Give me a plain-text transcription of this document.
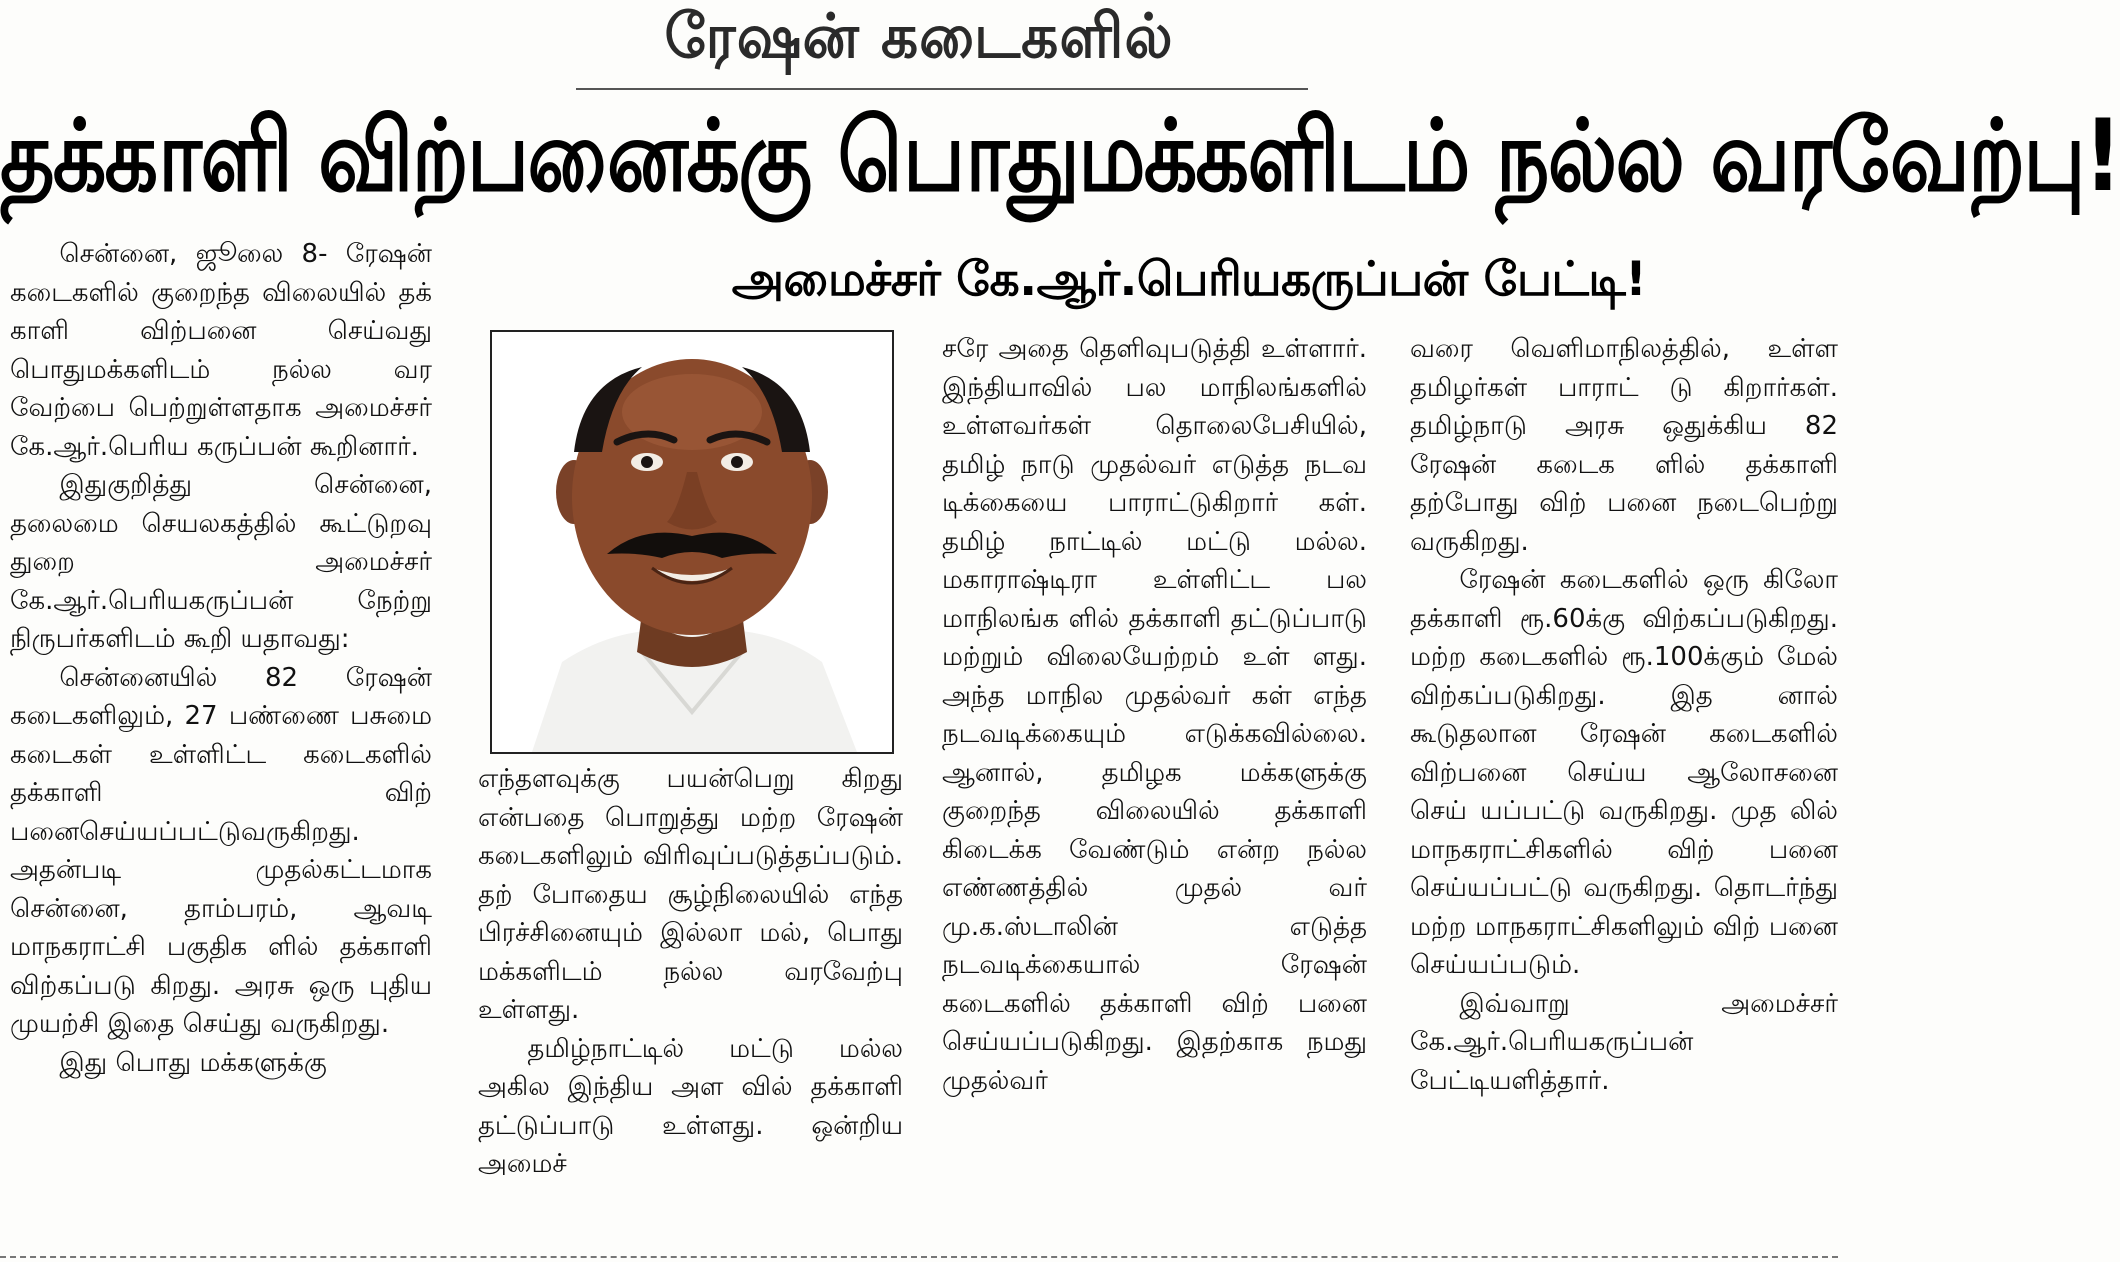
ரேஷன் கடைகளில்
தக்காளி விற்பனைக்கு பொதுமக்களிடம் நல்ல வரவேற்பு!
அமைச்சர் கே.ஆர்.பெரியகருப்பன் பேட்டி!

சென்னை, ஜூலை 8- ரேஷன் கடைகளில் குறைந்த விலையில் தக் காளி விற்பனை செய்வது பொதுமக்களிடம் நல்ல வர வேற்பை பெற்றுள்ளதாக அமைச்சர் கே.ஆர்.பெரிய கருப்பன் கூறினார்.

இதுகுறித்து சென்னை, தலைமை செயலகத்தில் கூட்டுறவு துறை அமைச்சர் கே.ஆர்.பெரியகருப்பன் நேற்று நிருபர்களிடம் கூறி யதாவது:

சென்னையில் 82 ரேஷன் கடைகளிலும், 27 பண்ணை பசுமை கடைகள் உள்ளிட்ட கடைகளில் தக்காளி விற் பனைசெய்யப்பட்டுவருகிறது. அதன்படி முதல்கட்டமாக சென்னை, தாம்பரம், ஆவடி மாநகராட்சி பகுதிக ளில் தக்காளி விற்கப்படு கிறது. அரசு ஒரு புதிய முயற்சி இதை செய்து வருகிறது.

இது பொது மக்களுக்கு

எந்தளவுக்கு பயன்பெறு கிறது என்பதை பொறுத்து மற்ற ரேஷன் கடைகளிலும் விரிவுப்படுத்தப்படும். தற் போதைய சூழ்நிலையில் எந்த பிரச்சினையும் இல்லா மல், பொது மக்களிடம் நல்ல வரவேற்பு உள்ளது.

தமிழ்நாட்டில் மட்டு மல்ல அகில இந்திய அள வில் தக்காளி தட்டுப்பாடு உள்ளது. ஒன்றிய அமைச்

சரே அதை தெளிவுபடுத்தி உள்ளார். இந்தியாவில் பல மாநிலங்களில் உள்ளவர்கள் தொலைபேசியில், தமிழ் நாடு முதல்வர் எடுத்த நடவ டிக்கையை பாராட்டுகிறார் கள். தமிழ் நாட்டில் மட்டு மல்ல. மகாராஷ்டிரா உள்ளிட்ட பல மாநிலங்க ளில் தக்காளி தட்டுப்பாடு மற்றும் விலையேற்றம் உள் ளது. அந்த மாநில முதல்வர் கள் எந்த நடவடிக்கையும் எடுக்கவில்லை. ஆனால், தமிழக மக்களுக்கு குறைந்த விலையில் தக்காளி கிடைக்க வேண்டும் என்ற நல்ல எண்ணத்தில் முதல் வர் மு.க.ஸ்டாலின் எடுத்த நடவடிக்கையால் ரேஷன் கடைகளில் தக்காளி விற் பனை செய்யப்படுகிறது. இதற்காக நமது முதல்வர்

வரை வெளிமாநிலத்தில், உள்ள தமிழர்கள் பாராட் டு கிறார்கள். தமிழ்நாடு அரசு ஒதுக்கிய 82 ரேஷன் கடைக ளில் தக்காளி தற்போது விற் பனை நடைபெற்று வருகிறது.

ரேஷன் கடைகளில் ஒரு கிலோ தக்காளி ரூ.60க்கு விற்கப்படுகிறது. மற்ற கடைகளில் ரூ.100க்கும் மேல் விற்கப்படுகிறது. இத னால் கூடுதலான ரேஷன் கடைகளில் விற்பனை செய்ய ஆலோசனை செய் யப்பட்டு வருகிறது. முத லில் மாநகராட்சிகளில் விற் பனை செய்யப்பட்டு வருகிறது. தொடர்ந்து மற்ற மாநகராட்சிகளிலும் விற் பனை செய்யப்படும்.

இவ்வாறு அமைச்சர் கே.ஆர்.பெரியகருப்பன் பேட்டியளித்தார்.
